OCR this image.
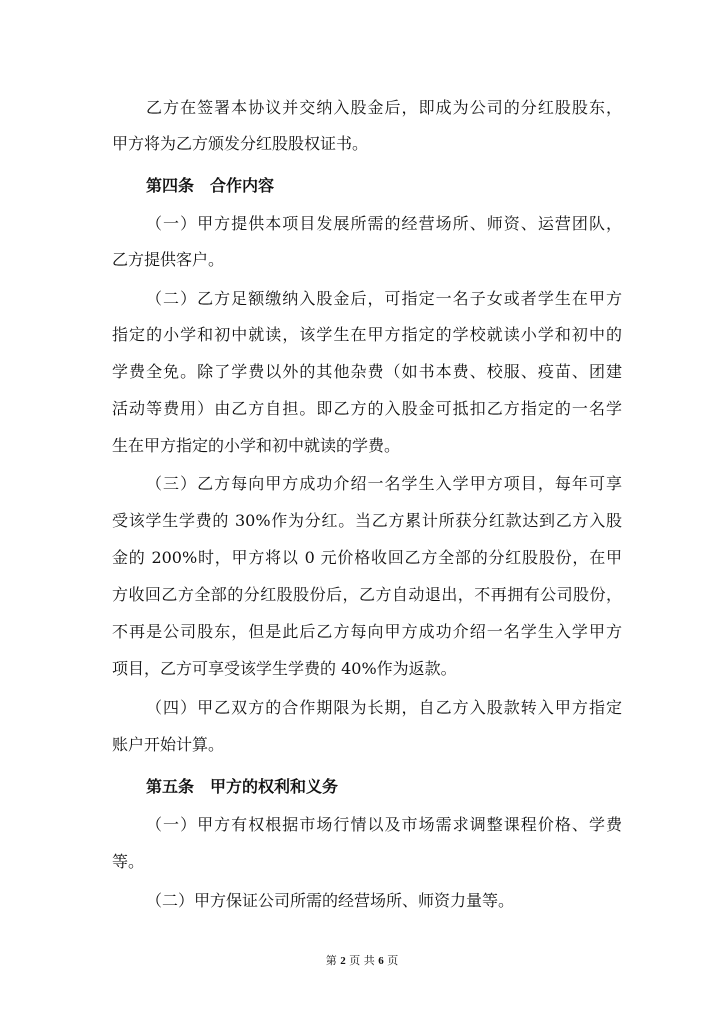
乙方在签署本协议并交纳入股金后，即成为公司的分红股股东，

甲方将为乙方颁发分红股股权证书。

第四条　合作内容

（一）甲方提供本项目发展所需的经营场所、师资、运营团队，

乙方提供客户。

（二）乙方足额缴纳入股金后，可指定一名子女或者学生在甲方

指定的小学和初中就读，该学生在甲方指定的学校就读小学和初中的

学费全免。除了学费以外的其他杂费（如书本费、校服、疫苗、团建

活动等费用）由乙方自担。即乙方的入股金可抵扣乙方指定的一名学

生在甲方指定的小学和初中就读的学费。

（三）乙方每向甲方成功介绍一名学生入学甲方项目，每年可享

受该学生学费的 30%作为分红。当乙方累计所获分红款达到乙方入股

金的 200%时，甲方将以 0 元价格收回乙方全部的分红股股份，在甲

方收回乙方全部的分红股股份后，乙方自动退出，不再拥有公司股份，

不再是公司股东，但是此后乙方每向甲方成功介绍一名学生入学甲方

项目，乙方可享受该学生学费的 40%作为返款。

（四）甲乙双方的合作期限为长期，自乙方入股款转入甲方指定

账户开始计算。

第五条　甲方的权利和义务

（一）甲方有权根据市场行情以及市场需求调整课程价格、学费

等。

（二）甲方保证公司所需的经营场所、师资力量等。

第 2 页 共 6 页
